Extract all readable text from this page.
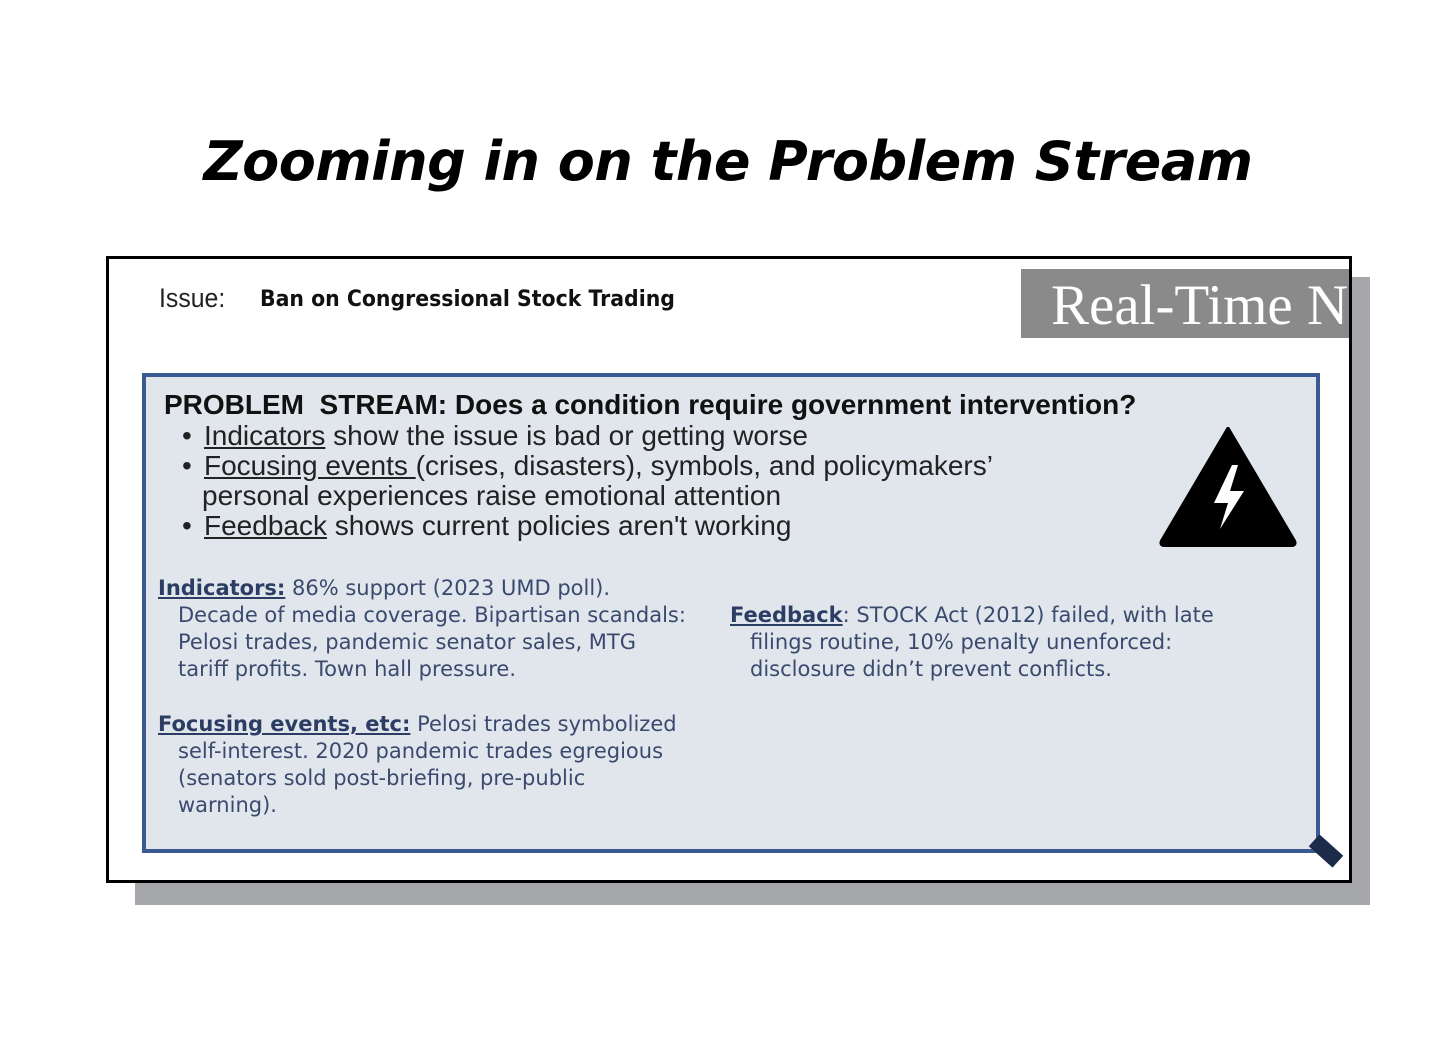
Zooming in on the Problem Stream
Issue: Ban on Congressional Stock Trading	Real-Time N
PROBLEM  STREAM: Does a condition require government intervention?
• Indicators show the issue is bad or getting worse
• Focusing events (crises, disasters), symbols, and policymakers’
personal experiences raise emotional attention
• Feedback shows current policies aren't working
Indicators: 86% support (2023 UMD poll).
Decade of media coverage. Bipartisan scandals:
Pelosi trades, pandemic senator sales, MTG
tariff profits. Town hall pressure.
Feedback: STOCK Act (2012) failed, with late
filings routine, 10% penalty unenforced:
disclosure didn’t prevent conflicts.
Focusing events, etc: Pelosi trades symbolized
self-interest. 2020 pandemic trades egregious
(senators sold post-briefing, pre-public
warning).
